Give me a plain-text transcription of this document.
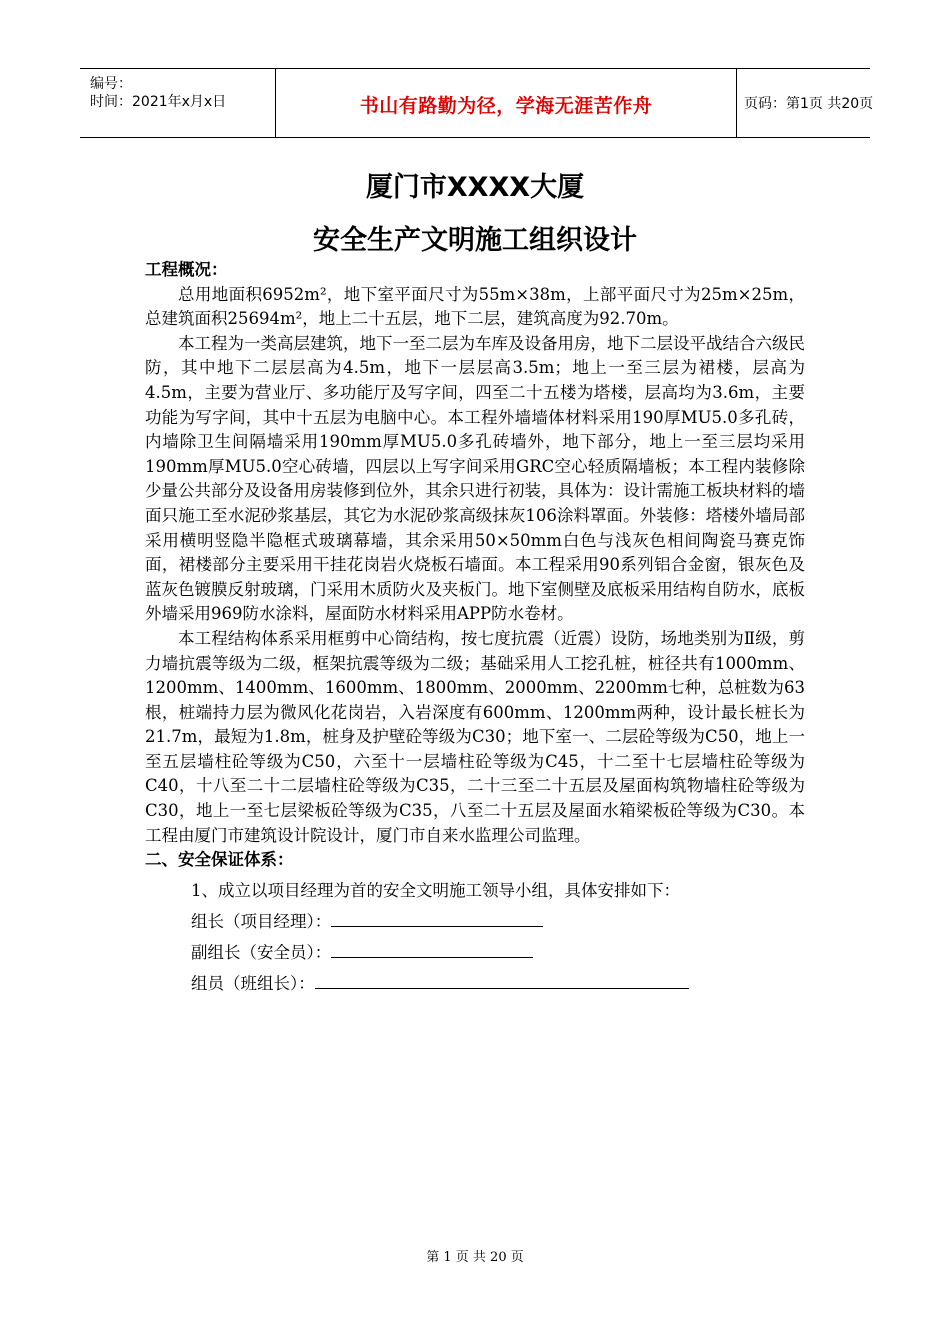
编号：
时间：2021年x月x日	书山有路勤为径，学海无涯苦作舟	页码：第1页 共20页
厦门市XXXX大厦
安全生产文明施工组织设计

工程概况：

总用地面积6952m²，地下室平面尺寸为55m×38m，上部平面尺寸为25m×25m，总建筑面积25694m²，地上二十五层，地下二层，建筑高度为92.70m。

本工程为一类高层建筑，地下一至二层为车库及设备用房，地下二层设平战结合六级民防，其中地下二层层高为4.5m，地下一层层高3.5m；地上一至三层为裙楼，层高为4.5m，主要为营业厅、多功能厅及写字间，四至二十五楼为塔楼，层高均为3.6m，主要功能为写字间，其中十五层为电脑中心。本工程外墙墙体材料采用190厚MU5.0多孔砖，内墙除卫生间隔墙采用190mm厚MU5.0多孔砖墙外，地下部分，地上一至三层均采用190mm厚MU5.0空心砖墙，四层以上写字间采用GRC空心轻质隔墙板；本工程内装修除少量公共部分及设备用房装修到位外，其余只进行初装，具体为：设计需施工板块材料的墙面只施工至水泥砂浆基层，其它为水泥砂浆高级抹灰106涂料罩面。外装修：塔楼外墙局部采用横明竖隐半隐框式玻璃幕墙，其余采用50×50mm白色与浅灰色相间陶瓷马赛克饰面，裙楼部分主要采用干挂花岗岩火烧板石墙面。本工程采用90系列铝合金窗，银灰色及蓝灰色镀膜反射玻璃，门采用木质防火及夹板门。地下室侧壁及底板采用结构自防水，底板外墙采用969防水涂料，屋面防水材料采用APP防水卷材。

本工程结构体系采用框剪中心筒结构，按七度抗震（近震）设防，场地类别为Ⅱ级，剪力墙抗震等级为二级，框架抗震等级为二级；基础采用人工挖孔桩，桩径共有1000mm、1200mm、1400mm、1600mm、1800mm、2000mm、2200mm七种，总桩数为63根，桩端持力层为微风化花岗岩，入岩深度有600mm、1200mm两种，设计最长桩长为21.7m，最短为1.8m，桩身及护壁砼等级为C30；地下室一、二层砼等级为C50，地上一至五层墙柱砼等级为C50，六至十一层墙柱砼等级为C45，十二至十七层墙柱砼等级为C40，十八至二十二层墙柱砼等级为C35，二十三至二十五层及屋面构筑物墙柱砼等级为C30，地上一至七层梁板砼等级为C35，八至二十五层及屋面水箱梁板砼等级为C30。本工程由厦门市建筑设计院设计，厦门市自来水监理公司监理。

二、安全保证体系：

1、成立以项目经理为首的安全文明施工领导小组，具体安排如下：

组长（项目经理）：

副组长（安全员）：

组员（班组长）：

第 1 页 共 20 页
